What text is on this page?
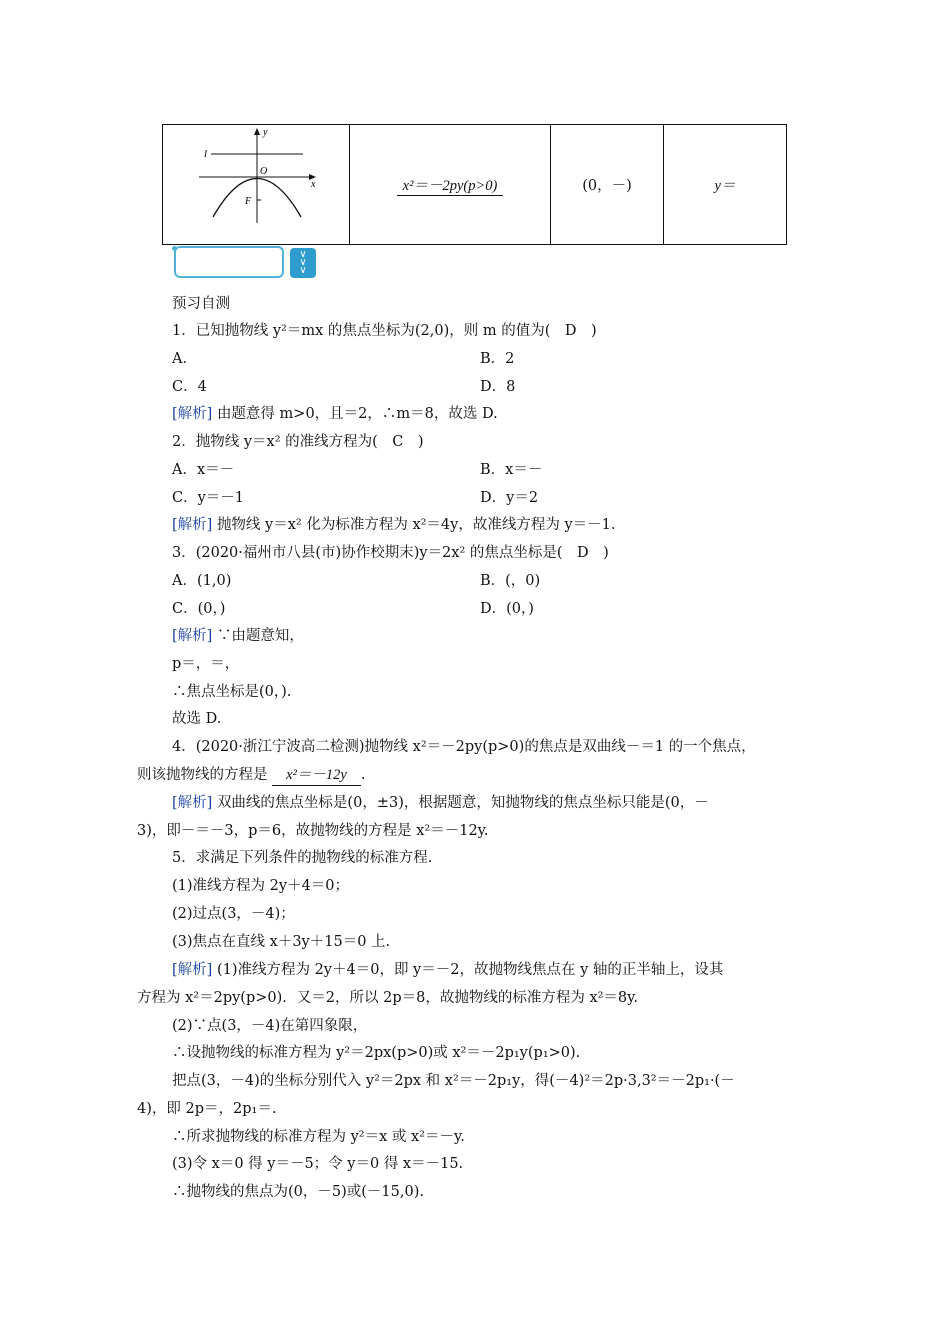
y
l
O
x
F
	x²＝－2py(p>0)	(0，－)	y＝
∨
∨
∨
预习自测
1．已知抛物线 y²＝mx 的焦点坐标为(2,0)，则 m 的值为(　D　)
A．	B．2
C．4	D．8
[解析] 由题意得 m>0，且＝2，∴m＝8，故选 D.
2．抛物线 y＝x² 的准线方程为(　C　)
A．x＝－	B．x＝－
C．y＝－1	D．y＝2
[解析] 抛物线 y＝x² 化为标准方程为 x²＝4y，故准线方程为 y＝－1.
3．(2020·福州市八县(市)协作校期末)y＝2x² 的焦点坐标是(　D　)
A．(1,0)	B．(，0)
C．(0，)	D．(0，)
[解析] ∵由题意知，
p＝，＝，
∴焦点坐标是(0，).
故选 D.
4．(2020·浙江宁波高二检测)抛物线 x²＝－2py(p>0)的焦点是双曲线－＝1 的一个焦点，
则该抛物线的方程是 x²＝－12y .
[解析] 双曲线的焦点坐标是(0，±3)，根据题意，知抛物线的焦点坐标只能是(0，－
3)，即－＝－3，p＝6，故抛物线的方程是 x²＝－12y.
5．求满足下列条件的抛物线的标准方程.
(1)准线方程为 2y＋4＝0；
(2)过点(3，－4)；
(3)焦点在直线 x＋3y＋15＝0 上.
[解析] (1)准线方程为 2y＋4＝0，即 y＝－2，故抛物线焦点在 y 轴的正半轴上，设其
方程为 x²＝2py(p>0)．又＝2，所以 2p＝8，故抛物线的标准方程为 x²＝8y.
(2)∵点(3，－4)在第四象限，
∴设抛物线的标准方程为 y²＝2px(p>0)或 x²＝－2p₁y(p₁>0).
把点(3，－4)的坐标分别代入 y²＝2px 和 x²＝－2p₁y，得(－4)²＝2p·3,3²＝－2p₁·(－
4)，即 2p＝，2p₁＝.
∴所求抛物线的标准方程为 y²＝x 或 x²＝－y.
(3)令 x＝0 得 y＝－5；令 y＝0 得 x＝－15.
∴抛物线的焦点为(0，－5)或(－15,0).
